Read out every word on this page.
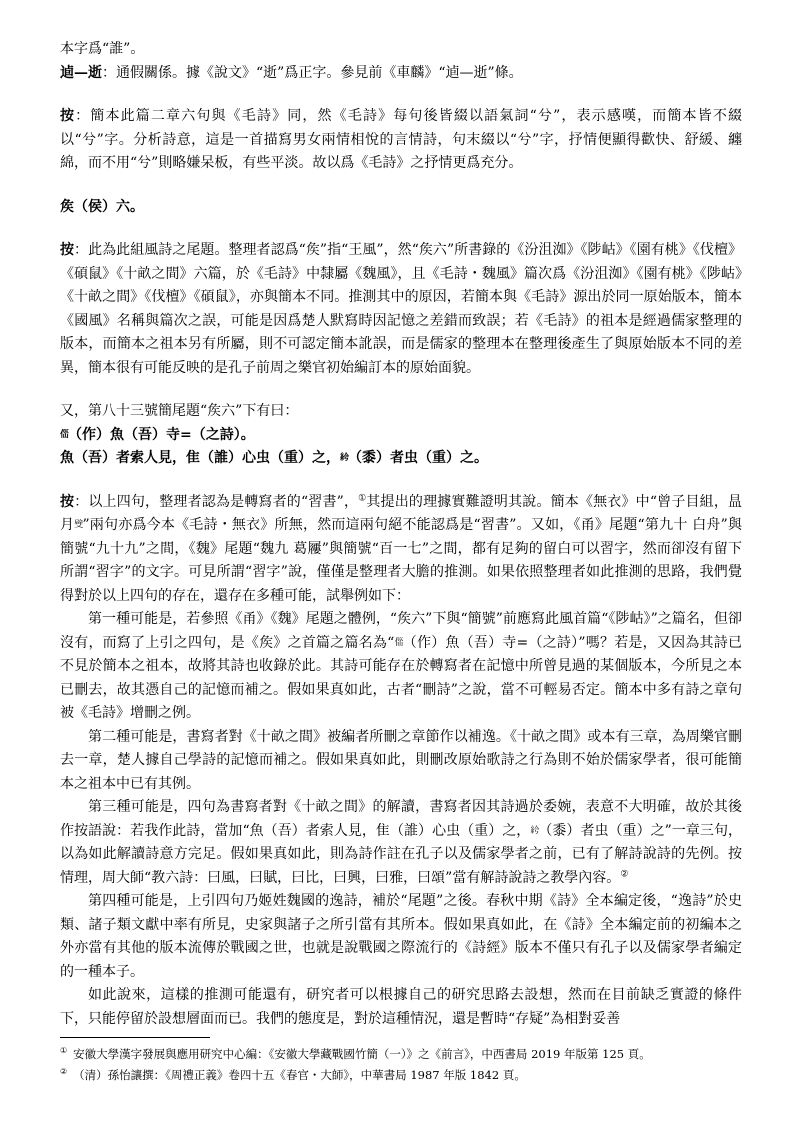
本字爲“誰”。

逌—逝：通假關係。據《說文》“逝”爲正字。參見前《車麟》“逌—逝”條。

按：簡本此篇二章六句與《毛詩》同，然《毛詩》每句後皆綴以語氣詞“兮”，表示感嘆，而簡本皆不綴以“兮”字。分析詩意，這是一首描寫男女兩情相悅的言情詩，句末綴以“兮”字，抒情便顯得歡快、舒緩、纏綿，而不用“兮”則略嫌呆板，有些平淡。故以爲《毛詩》之抒情更爲充分。

矦（侯）六。

按：此為此組風詩之尾題。整理者認爲“矦”指“王風”，然“矦六”所書錄的《汾沮洳》《陟岵》《園有桃》《伐檀》《碩鼠》《十畝之間》六篇，於《毛詩》中隸屬《魏風》，且《毛詩・魏風》篇次爲《汾沮洳》《園有桃》《陟岵》《十畝之間》《伐檀》《碩鼠》，亦與簡本不同。推測其中的原因，若簡本與《毛詩》源出於同一原始版本，簡本《國風》名稱與篇次之誤，可能是因爲楚人默寫時因記憶之差錯而致誤；若《毛詩》的祖本是經過儒家整理的版本，而簡本之祖本另有所屬，則不可認定簡本訛誤，而是儒家的整理本在整理後產生了與原始版本不同的差異，簡本很有可能反映的是孔子前周之樂官初始編訂本的原始面貌。

又，第八十三號簡尾題“矦六”下有曰：

㑎（作）魚（吾）寺=（之詩）。

魚（吾）者索人見，隹（誰）心虫（重）之，𥿐（黍）者虫（重）之。

按：以上四句，整理者認為是轉寫者的“習書”，①其提出的理據實難證明其說。簡本《無衣》中“曾子目組，昷月䢃”兩句亦爲今本《毛詩・無衣》所無，然而這兩句絕不能認爲是“習書”。又如，《甬》尾題“第九十 白舟”與簡號“九十九”之間，《魏》尾題“魏九 葛屨”與簡號“百一七”之間，都有足夠的留白可以習字，然而卻沒有留下所謂“習字”的文字。可見所謂“習字”說，僅僅是整理者大膽的推測。如果依照整理者如此推測的思路，我們覺得對於以上四句的存在，還存在多種可能，試舉例如下：

第一種可能是，若參照《甬》《魏》尾題之體例，“矦六”下與“簡號”前應寫此風首篇“《陟岵》”之篇名，但卻沒有，而寫了上引之四句，是《矦》之首篇之篇名為“㑎（作）魚（吾）寺=（之詩）”嗎？若是，又因為其詩已不見於簡本之祖本，故將其詩也收錄於此。其詩可能存在於轉寫者在記憶中所曾見過的某個版本，今所見之本已刪去，故其憑自己的記憶而補之。假如果真如此，古者“刪詩”之說，當不可輕易否定。簡本中多有詩之章句被《毛詩》增刪之例。

第二種可能是，書寫者對《十畝之間》被編者所刪之章節作以補逸。《十畝之間》或本有三章，為周樂官刪去一章，楚人據自己學詩的記憶而補之。假如果真如此，則刪改原始歌詩之行為則不始於儒家學者，很可能簡本之祖本中已有其例。

第三種可能是，四句為書寫者對《十畝之間》的解讀，書寫者因其詩過於委婉，表意不大明確，故於其後作按語說：若我作此詩，當加“魚（吾）者索人見，隹（誰）心虫（重）之，𥿐（黍）者虫（重）之”一章三句，以為如此解讀詩意方完足。假如果真如此，則為詩作註在孔子以及儒家學者之前，已有了解詩說詩的先例。按情理，周大師“教六詩：曰風，曰賦，曰比，曰興，曰雅，曰頌”當有解詩說詩之教學內容。②

第四種可能是，上引四句乃姬姓魏國的逸詩，補於“尾題”之後。春秋中期《詩》全本編定後，“逸詩”於史類、諸子類文獻中率有所見，史家與諸子之所引當有其所本。假如果真如此，在《詩》全本編定前的初編本之外亦當有其他的版本流傳於戰國之世，也就是說戰國之際流行的《詩經》版本不僅只有孔子以及儒家學者編定的一種本子。

如此說來，這樣的推測可能還有，研究者可以根據自己的研究思路去設想，然而在目前缺乏實證的條件下，只能停留於設想層面而已。我們的態度是，對於這種情況，還是暫時“存疑”為相對妥善

① 安徽大學漢字發展與應用研究中心編：《安徽大學藏戰國竹簡（一）》之《前言》，中西書局 2019 年版第 125 頁。

② （清）孫怡讓撰：《周禮正義》卷四十五《春官・大師》，中華書局 1987 年版 1842 頁。
